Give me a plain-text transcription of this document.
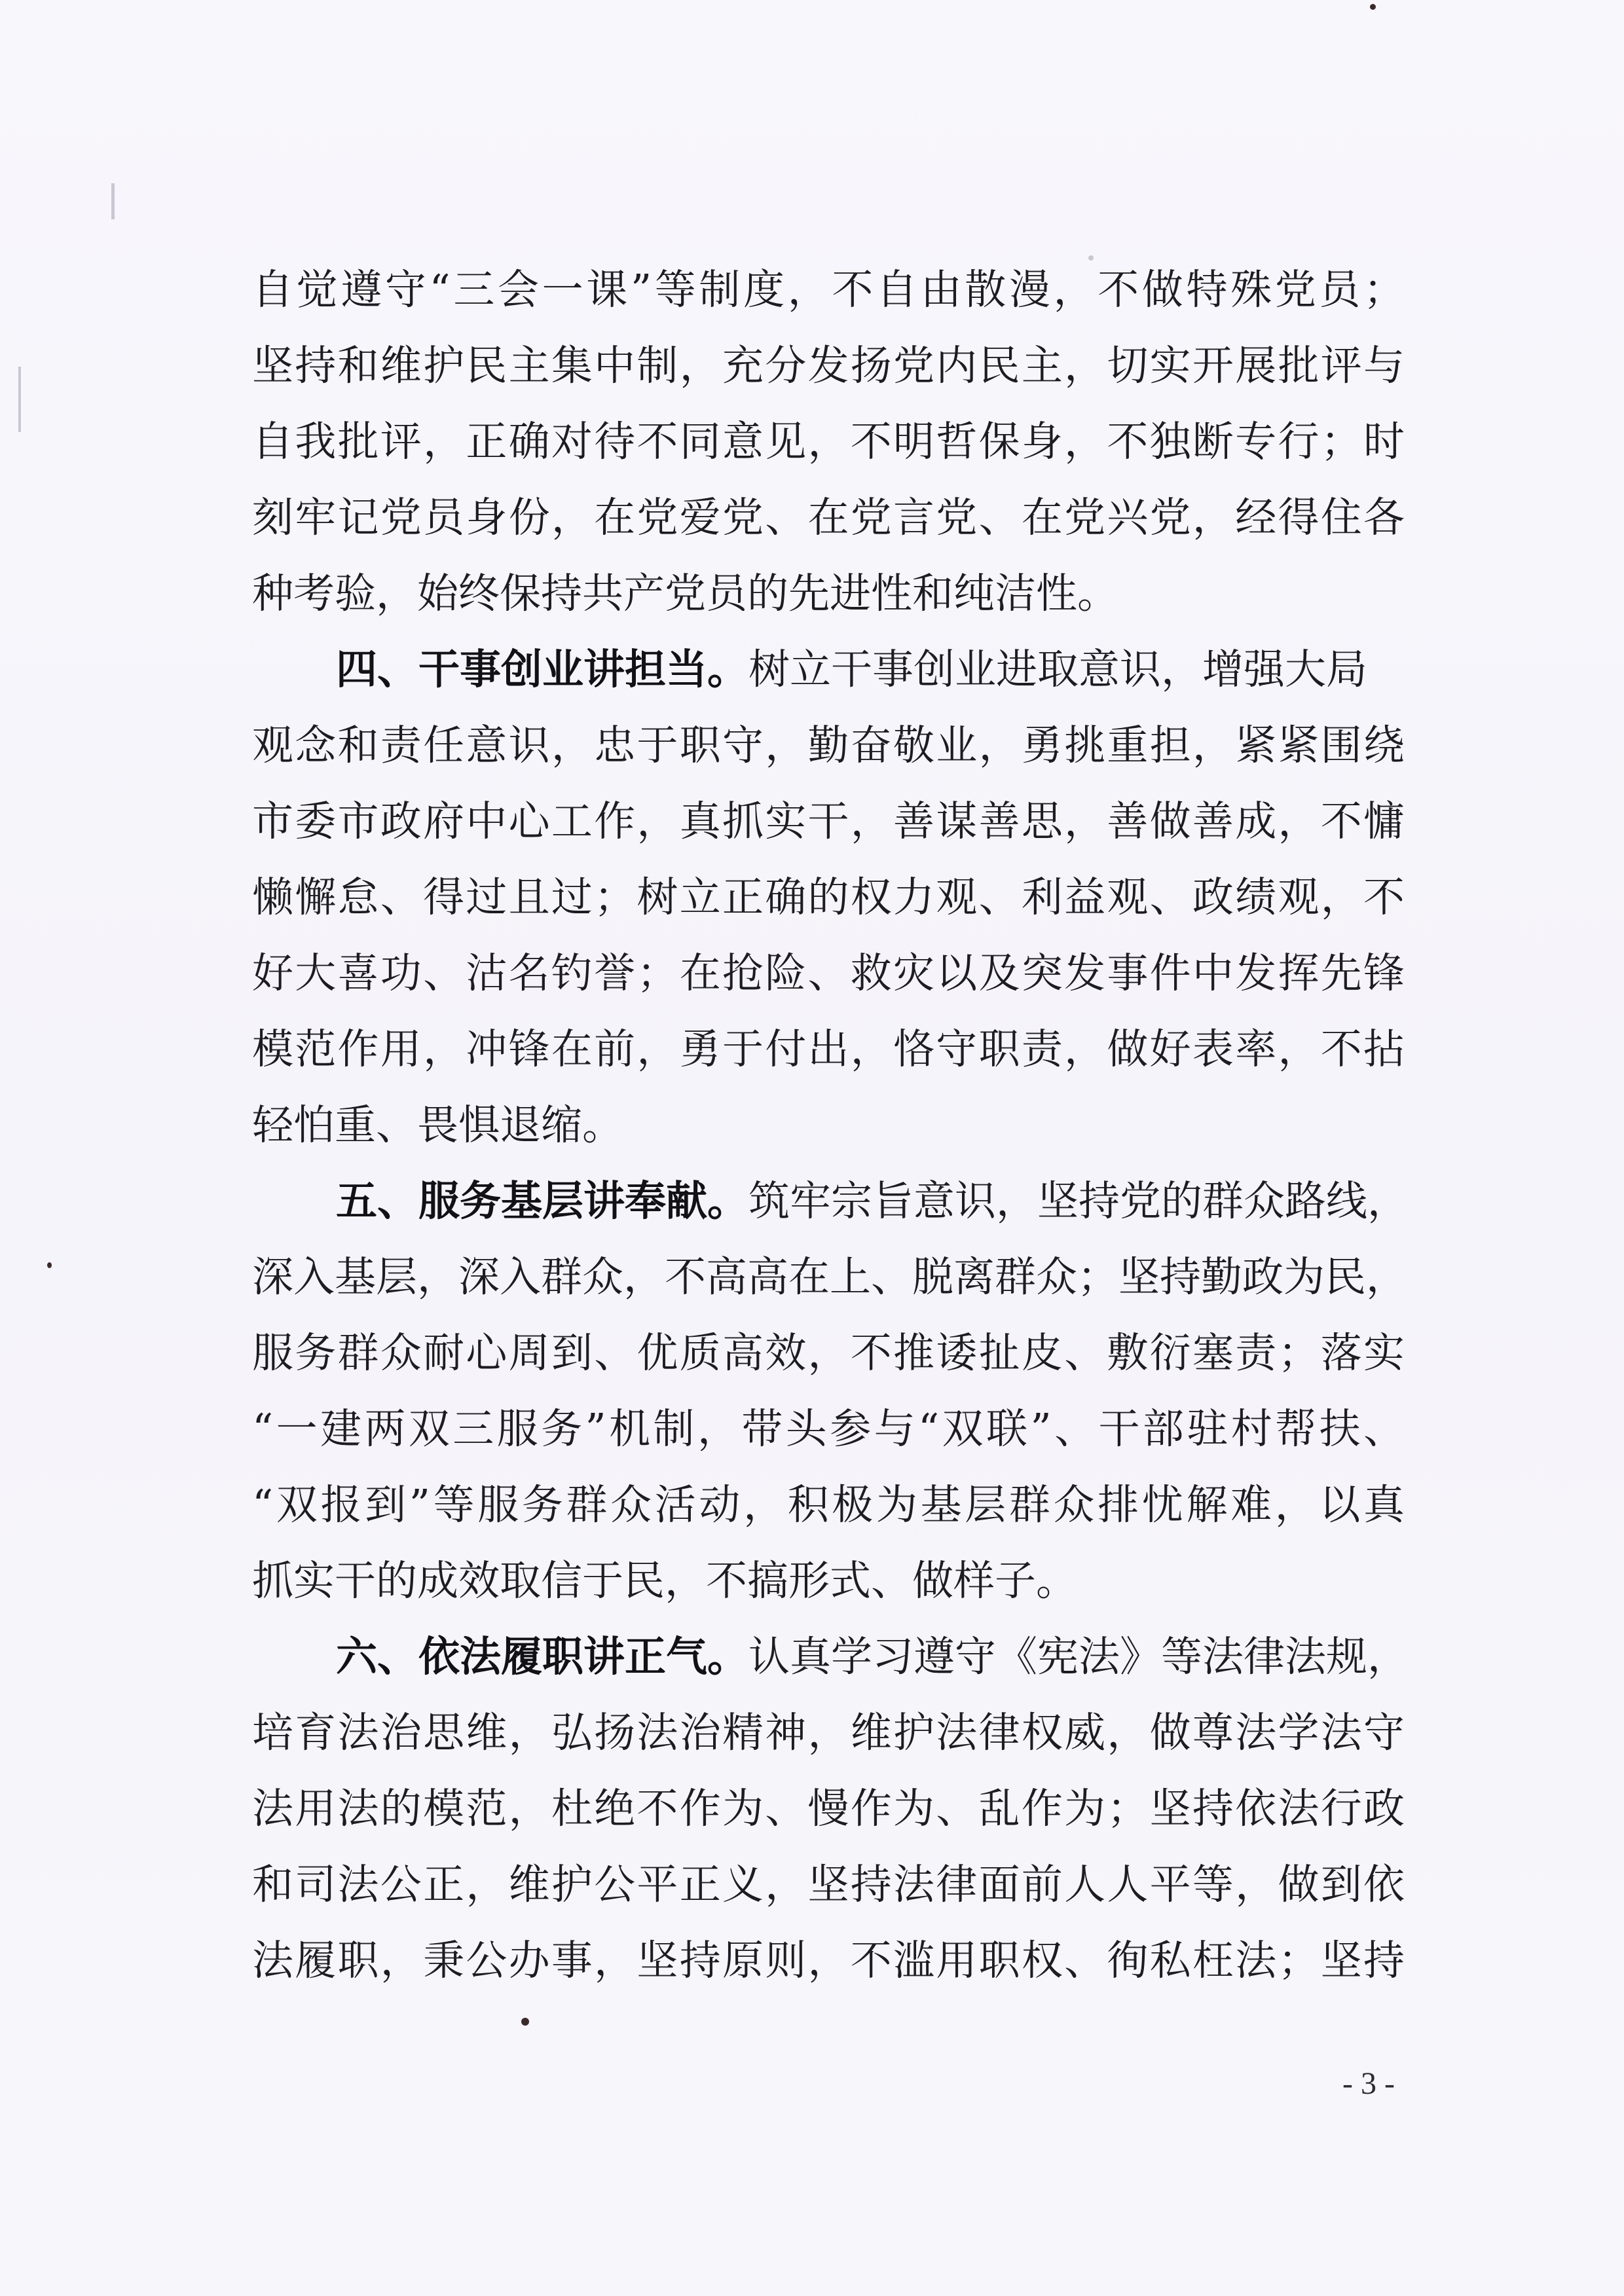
自觉遵守“三会一课”等制度，不自由散漫，不做特殊党员；
坚持和维护民主集中制，充分发扬党内民主，切实开展批评与
自我批评，正确对待不同意见，不明哲保身，不独断专行；时
刻牢记党员身份，在党爱党、在党言党、在党兴党，经得住各
种考验，始终保持共产党员的先进性和纯洁性。
四、干事创业讲担当。树立干事创业进取意识，增强大局
观念和责任意识，忠于职守，勤奋敬业，勇挑重担，紧紧围绕
市委市政府中心工作，真抓实干，善谋善思，善做善成，不慵
懒懈怠、得过且过；树立正确的权力观、利益观、政绩观，不
好大喜功、沽名钓誉；在抢险、救灾以及突发事件中发挥先锋
模范作用，冲锋在前，勇于付出，恪守职责，做好表率，不拈
轻怕重、畏惧退缩。
五、服务基层讲奉献。筑牢宗旨意识，坚持党的群众路线，
深入基层，深入群众，不高高在上、脱离群众；坚持勤政为民，
服务群众耐心周到、优质高效，不推诿扯皮、敷衍塞责；落实
“一建两双三服务”机制，带头参与“双联”、干部驻村帮扶、
“双报到”等服务群众活动，积极为基层群众排忧解难，以真
抓实干的成效取信于民，不搞形式、做样子。
六、依法履职讲正气。认真学习遵守《宪法》等法律法规，
培育法治思维，弘扬法治精神，维护法律权威，做尊法学法守
法用法的模范，杜绝不作为、慢作为、乱作为；坚持依法行政
和司法公正，维护公平正义，坚持法律面前人人平等，做到依
法履职，秉公办事，坚持原则，不滥用职权、徇私枉法；坚持
- 3 -
